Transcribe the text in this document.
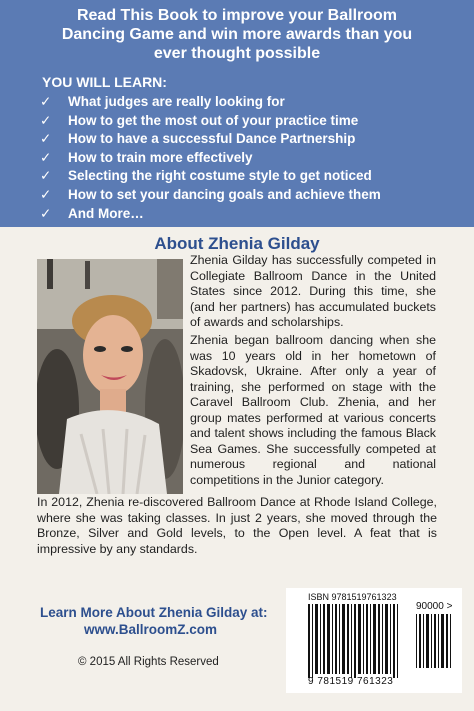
Read This Book to improve your Ballroom
Dancing Game and win more awards than you
ever thought possible

YOU WILL LEARN:

✓ What judges are really looking for
✓ How to get the most out of your practice time
✓ How to have a successful Dance Partnership
✓ How to train more effectively
✓ Selecting the right costume style to get noticed
✓ How to set your dancing goals and achieve them
✓ And More…
About Zhenia Gilday

Zhenia Gilday has successfully competed in Collegiate Ballroom Dance in the United States since 2012. During this time, she (and her partners) has accumulated buckets of awards and scholarships.

Zhenia began ballroom dancing when she was 10 years old in her hometown of Skadovsk, Ukraine. After only a year of training, she performed on stage with the Caravel Ballroom Club. Zhenia, and her group mates performed at various concerts and talent shows including the famous Black Sea Games. She successfully competed at numerous regional and national competitions in the Junior category.

In 2012, Zhenia re-discovered Ballroom Dance at Rhode Island College, where she was taking classes. In just 2 years, she moved through the Bronze, Silver and Gold levels, to the Open level. A feat that is impressive by any standards.

Learn More About Zhenia Gilday at:
www.BallroomZ.com

© 2015 All Rights Reserved

ISBN 9781519761323
90000 >
9 781519 761323
